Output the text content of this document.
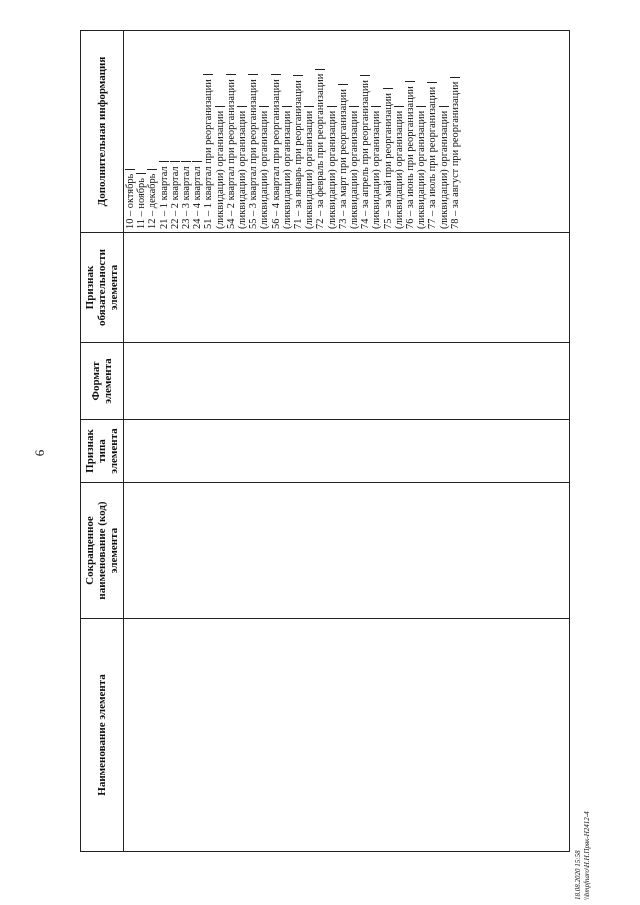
6
Наименование элемента
Сокращенное наименование (код) элемента
Признак типа элемента
Формат элемента
Признак обязательности элемента
Дополнительная информация	10 – октябрь 11 – ноябрь 12 – декабрь 21 – 1 квартал 22 – 2 квартал 23 – 3 квартал 24 – 4 квартал 51 – 1 квартал при реорганизации (ликвидации) организации 54 – 2 квартал при реорганизации (ликвидации) организации 55 – 3 квартал при реорганизации (ликвидации) организации 56 – 4 квартал при реорганизации (ликвидации) организации 71 – за январь при реорганизации (ликвидации) организации 72 – за февраль при реорганизации (ликвидации) организации 73 – за март при реорганизации (ликвидации) организации 74 – за апрель при реорганизации (ликвидации) организации 75 – за май при реорганизации (ликвидации) организации 76 – за июнь при реорганизации (ликвидации) организации 77 – за июль при реорганизации (ликвидации) организации 78 – за август при реорганизации
18.08.2020 15:58 \\bmpfnaro\Н.Н.Пряк-Н2412-4
